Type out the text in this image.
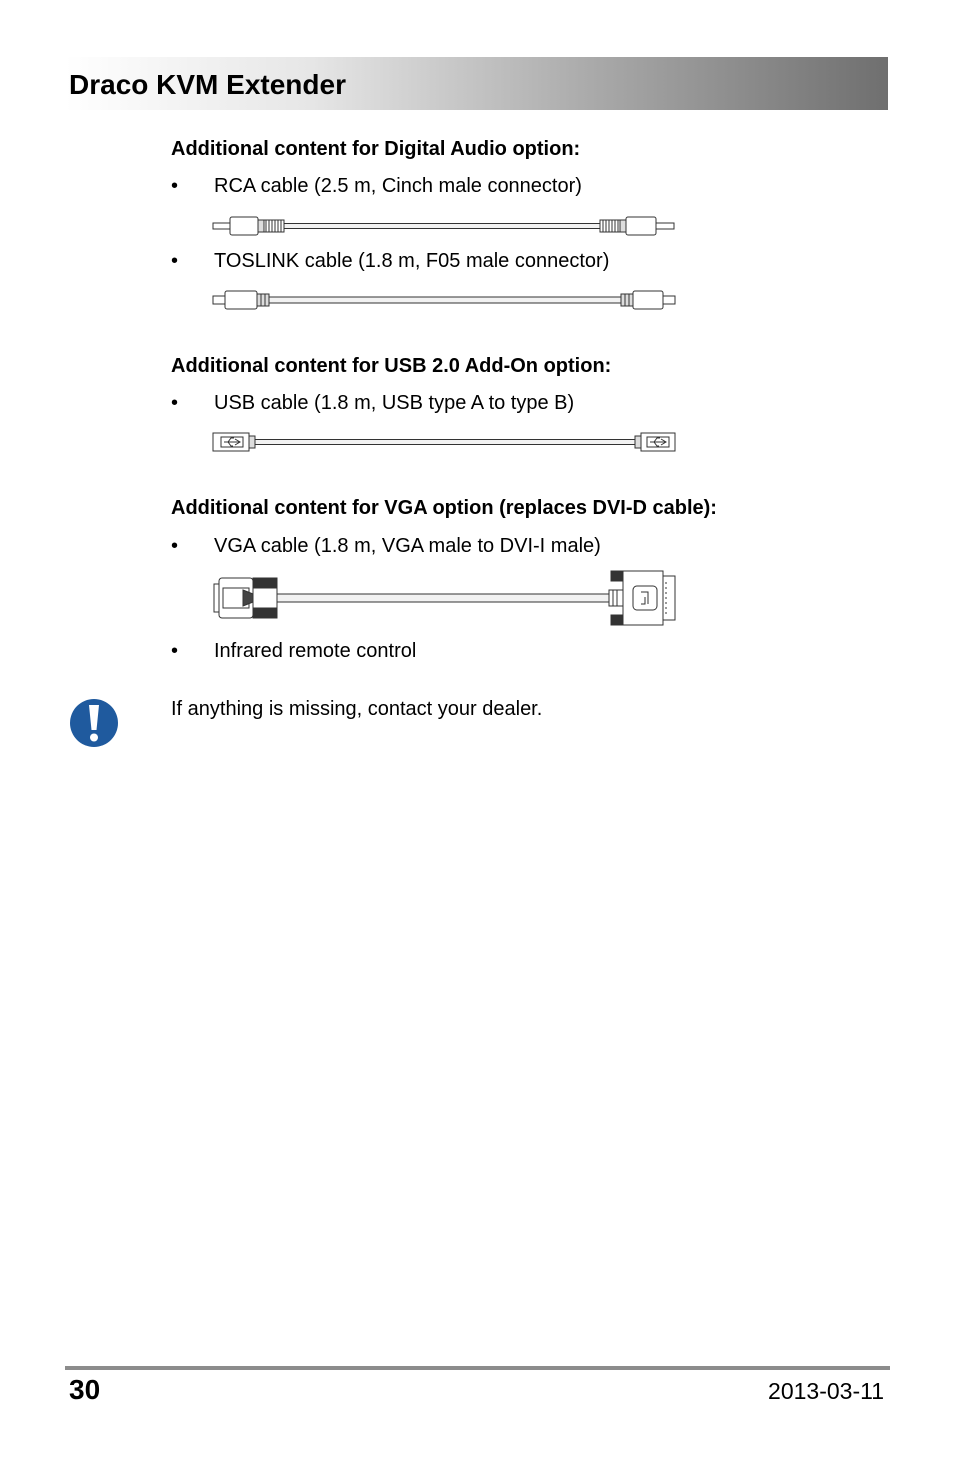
Draco KVM Extender
Additional content for Digital Audio option:
• RCA cable (2.5 m, Cinch male connector)
• TOSLINK cable (1.8 m, F05 male connector)
Additional content for USB 2.0 Add-On option:
• USB cable (1.8 m, USB type A to type B)
Additional content for VGA option (replaces DVI-D cable):
• VGA cable (1.8 m, VGA male to DVI-I male)
• Infrared remote control
If anything is missing, contact your dealer.
30	2013-03-11
